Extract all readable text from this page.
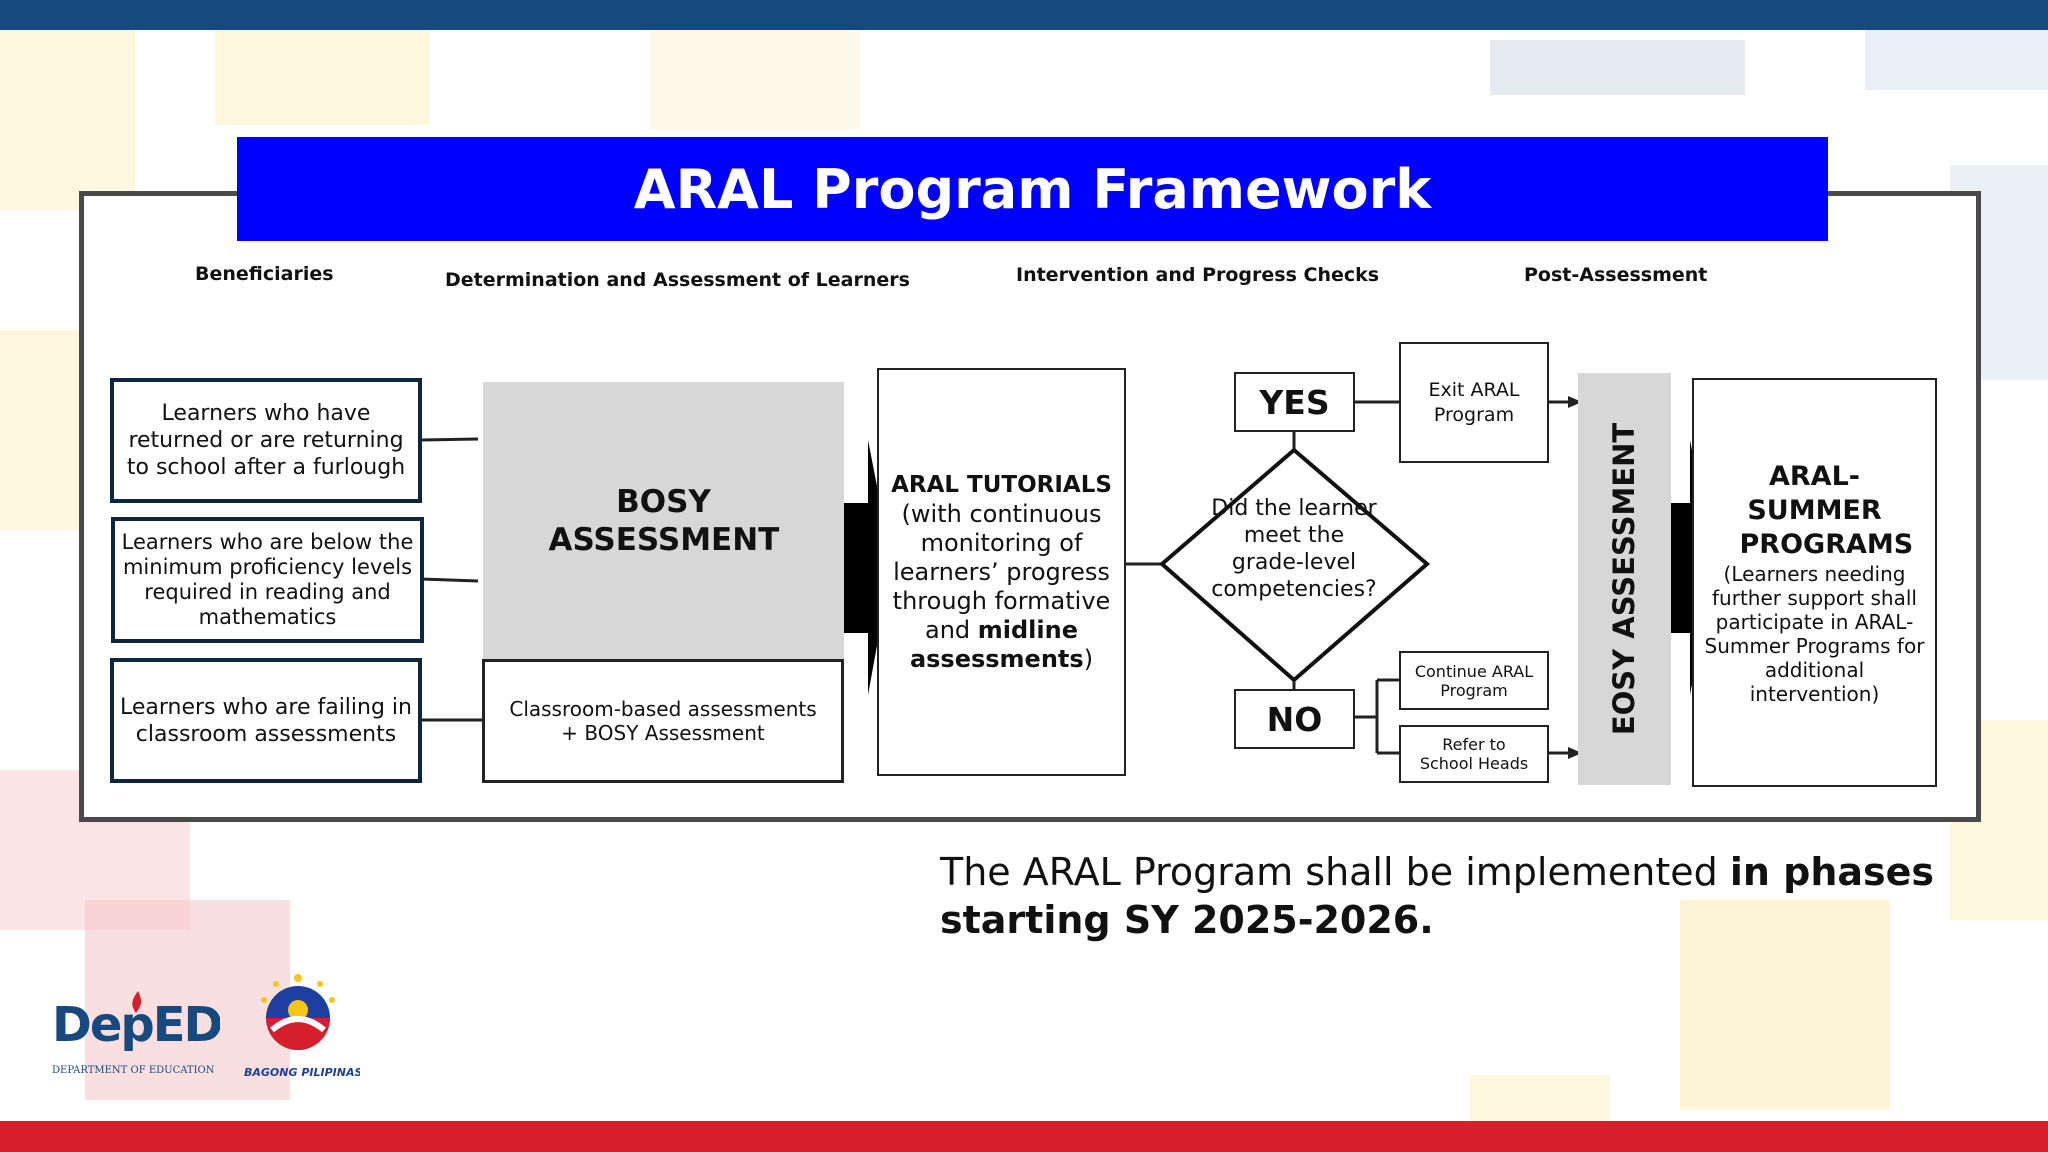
ARAL Program Framework
Beneficiaries	Determination and Assessment of Learners	Intervention and Progress Checks	Post-Assessment
Learners who have returned or are returning to school after a furlough
Learners who are below the minimum proficiency levels required in reading and mathematics
Learners who are failing in classroom assessments
BOSY ASSESSMENT
Classroom-based assessments + BOSY Assessment
ARAL TUTORIALS
(with continuous monitoring of learners’ progress through formative and midline assessments)
Did the learner meet the grade-level competencies?
YES
NO
Exit ARAL Program
Continue ARAL Program
Refer to School Heads
EOSY ASSESSMENT	ARAL-SUMMER PROGRAMS
(Learners needing further support shall participate in ARAL-Summer Programs for additional intervention)
The ARAL Program shall be implemented in phases starting SY 2025-2026.
DepED
DEPARTMENT OF EDUCATION	BAGONG PILIPINAS
